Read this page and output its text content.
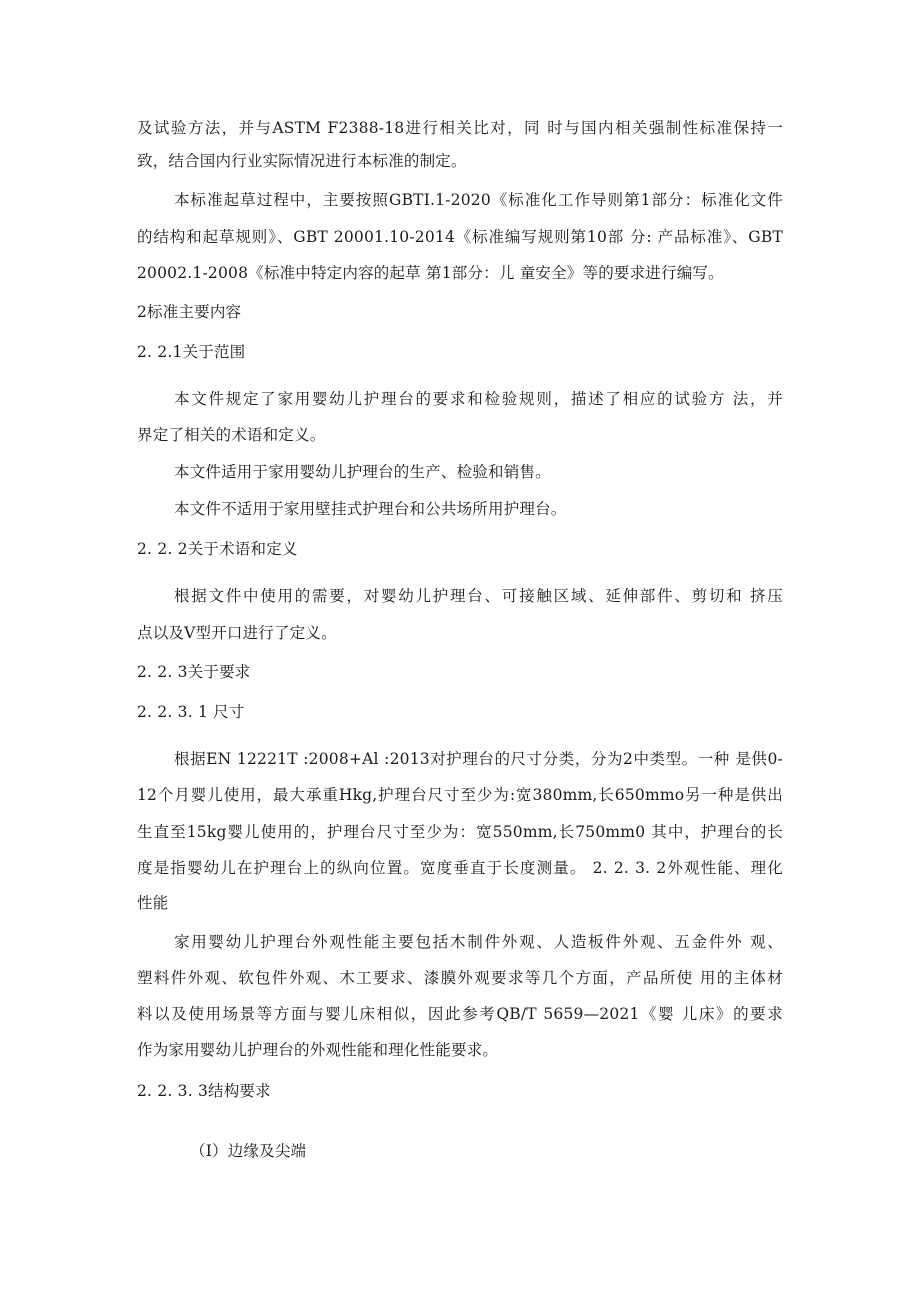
及试验方法，并与ASTM F2388-18进行相关比对，同 时与国内相关强制性标准保持一
致，结合国内行业实际情况进行本标准的制定。
本标准起草过程中，主要按照GBTI.1-2020《标准化工作导则第1部分：标准化文件
的结构和起草规则》、GBT 20001.10-2014《标准编写规则第10部 分: 产品标准》、GBT
20002.1-2008《标准中特定内容的起草 第1部分：儿 童安全》等的要求进行编写。
2标准主要内容
2. 2.1关于范围
本文件规定了家用婴幼儿护理台的要求和检验规则，描述了相应的试验方 法，并
界定了相关的术语和定义。
本文件适用于家用婴幼儿护理台的生产、检验和销售。
本文件不适用于家用壁挂式护理台和公共场所用护理台。
2. 2. 2关于术语和定义
根据文件中使用的需要，对婴幼儿护理台、可接触区域、延伸部件、剪切和 挤压
点以及V型开口进行了定义。
2. 2. 3关于要求
2. 2. 3. 1 尺寸
根据EN 12221T :2008+Al :2013对护理台的尺寸分类，分为2中类型。一种 是供0-
12个月婴儿使用，最大承重Hkg,护理台尺寸至少为:宽380mm,长650mmo另一种是供出
生直至15kg婴儿使用的，护理台尺寸至少为：宽550mm,长750mm0 其中，护理台的长
度是指婴幼儿在护理台上的纵向位置。宽度垂直于长度测量。 2. 2. 3. 2外观性能、理化
性能
家用婴幼儿护理台外观性能主要包括木制件外观、人造板件外观、五金件外 观、
塑料件外观、软包件外观、木工要求、漆膜外观要求等几个方面，产品所使 用的主体材
料以及使用场景等方面与婴儿床相似，因此参考QB/T 5659—2021《婴 儿床》的要求
作为家用婴幼儿护理台的外观性能和理化性能要求。
2. 2. 3. 3结构要求
（I）边缘及尖端
